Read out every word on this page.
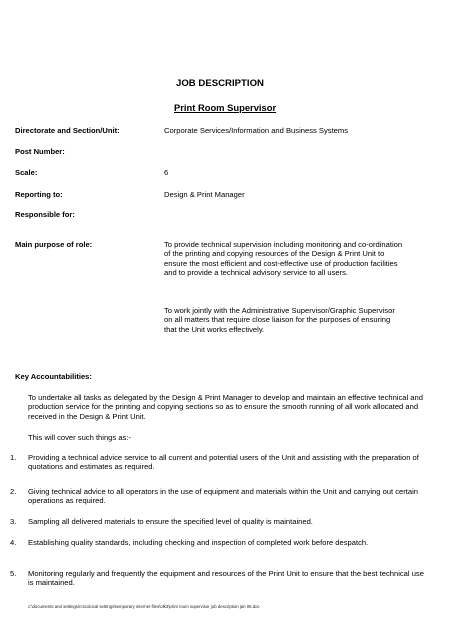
JOB DESCRIPTION
Print Room Supervisor
Directorate and Section/Unit:	Corporate Services/Information and Business Systems
Post Number:
Scale:	6
Reporting to:	Design & Print Manager
Responsible for:
Main purpose of role:	To provide technical supervision including monitoring and co-ordination of the printing and copying resources of the Design & Print Unit to ensure the most efficient and cost-effective use of production facilities and to provide a technical advisory service to all users.
To work jointly with the Administrative Supervisor/Graphic Supervisor on all matters that require close liaison for the purposes of ensuring that the Unit works effectively.
Key Accountabilities:
To undertake all tasks as delegated by the Design & Print Manager to develop and maintain an effective technical and production service for the printing and copying sections so as to ensure the smooth running of all work allocated and received in the Design & Print Unit.
This will cover such things as:-
1.	Providing a technical advice service to all current and potential users of the Unit and assisting with the preparation of quotations and estimates as required.
2.	Giving technical advice to all operators in the use of equipment and materials within the Unit and carrying out certain operations as required.
3.	Sampling all delivered materials to ensure the specified level of quality is maintained.
4.	Establishing quality standards, including checking and inspection of completed work before despatch.
5.	Monitoring regularly and frequently the equipment and resources of the Print Unit to ensure that the best technical use is maintained.
c:\documents and settings\rcscolocal settings\temporary internet files\olk3\print room supervisor job description jan 06.doc
